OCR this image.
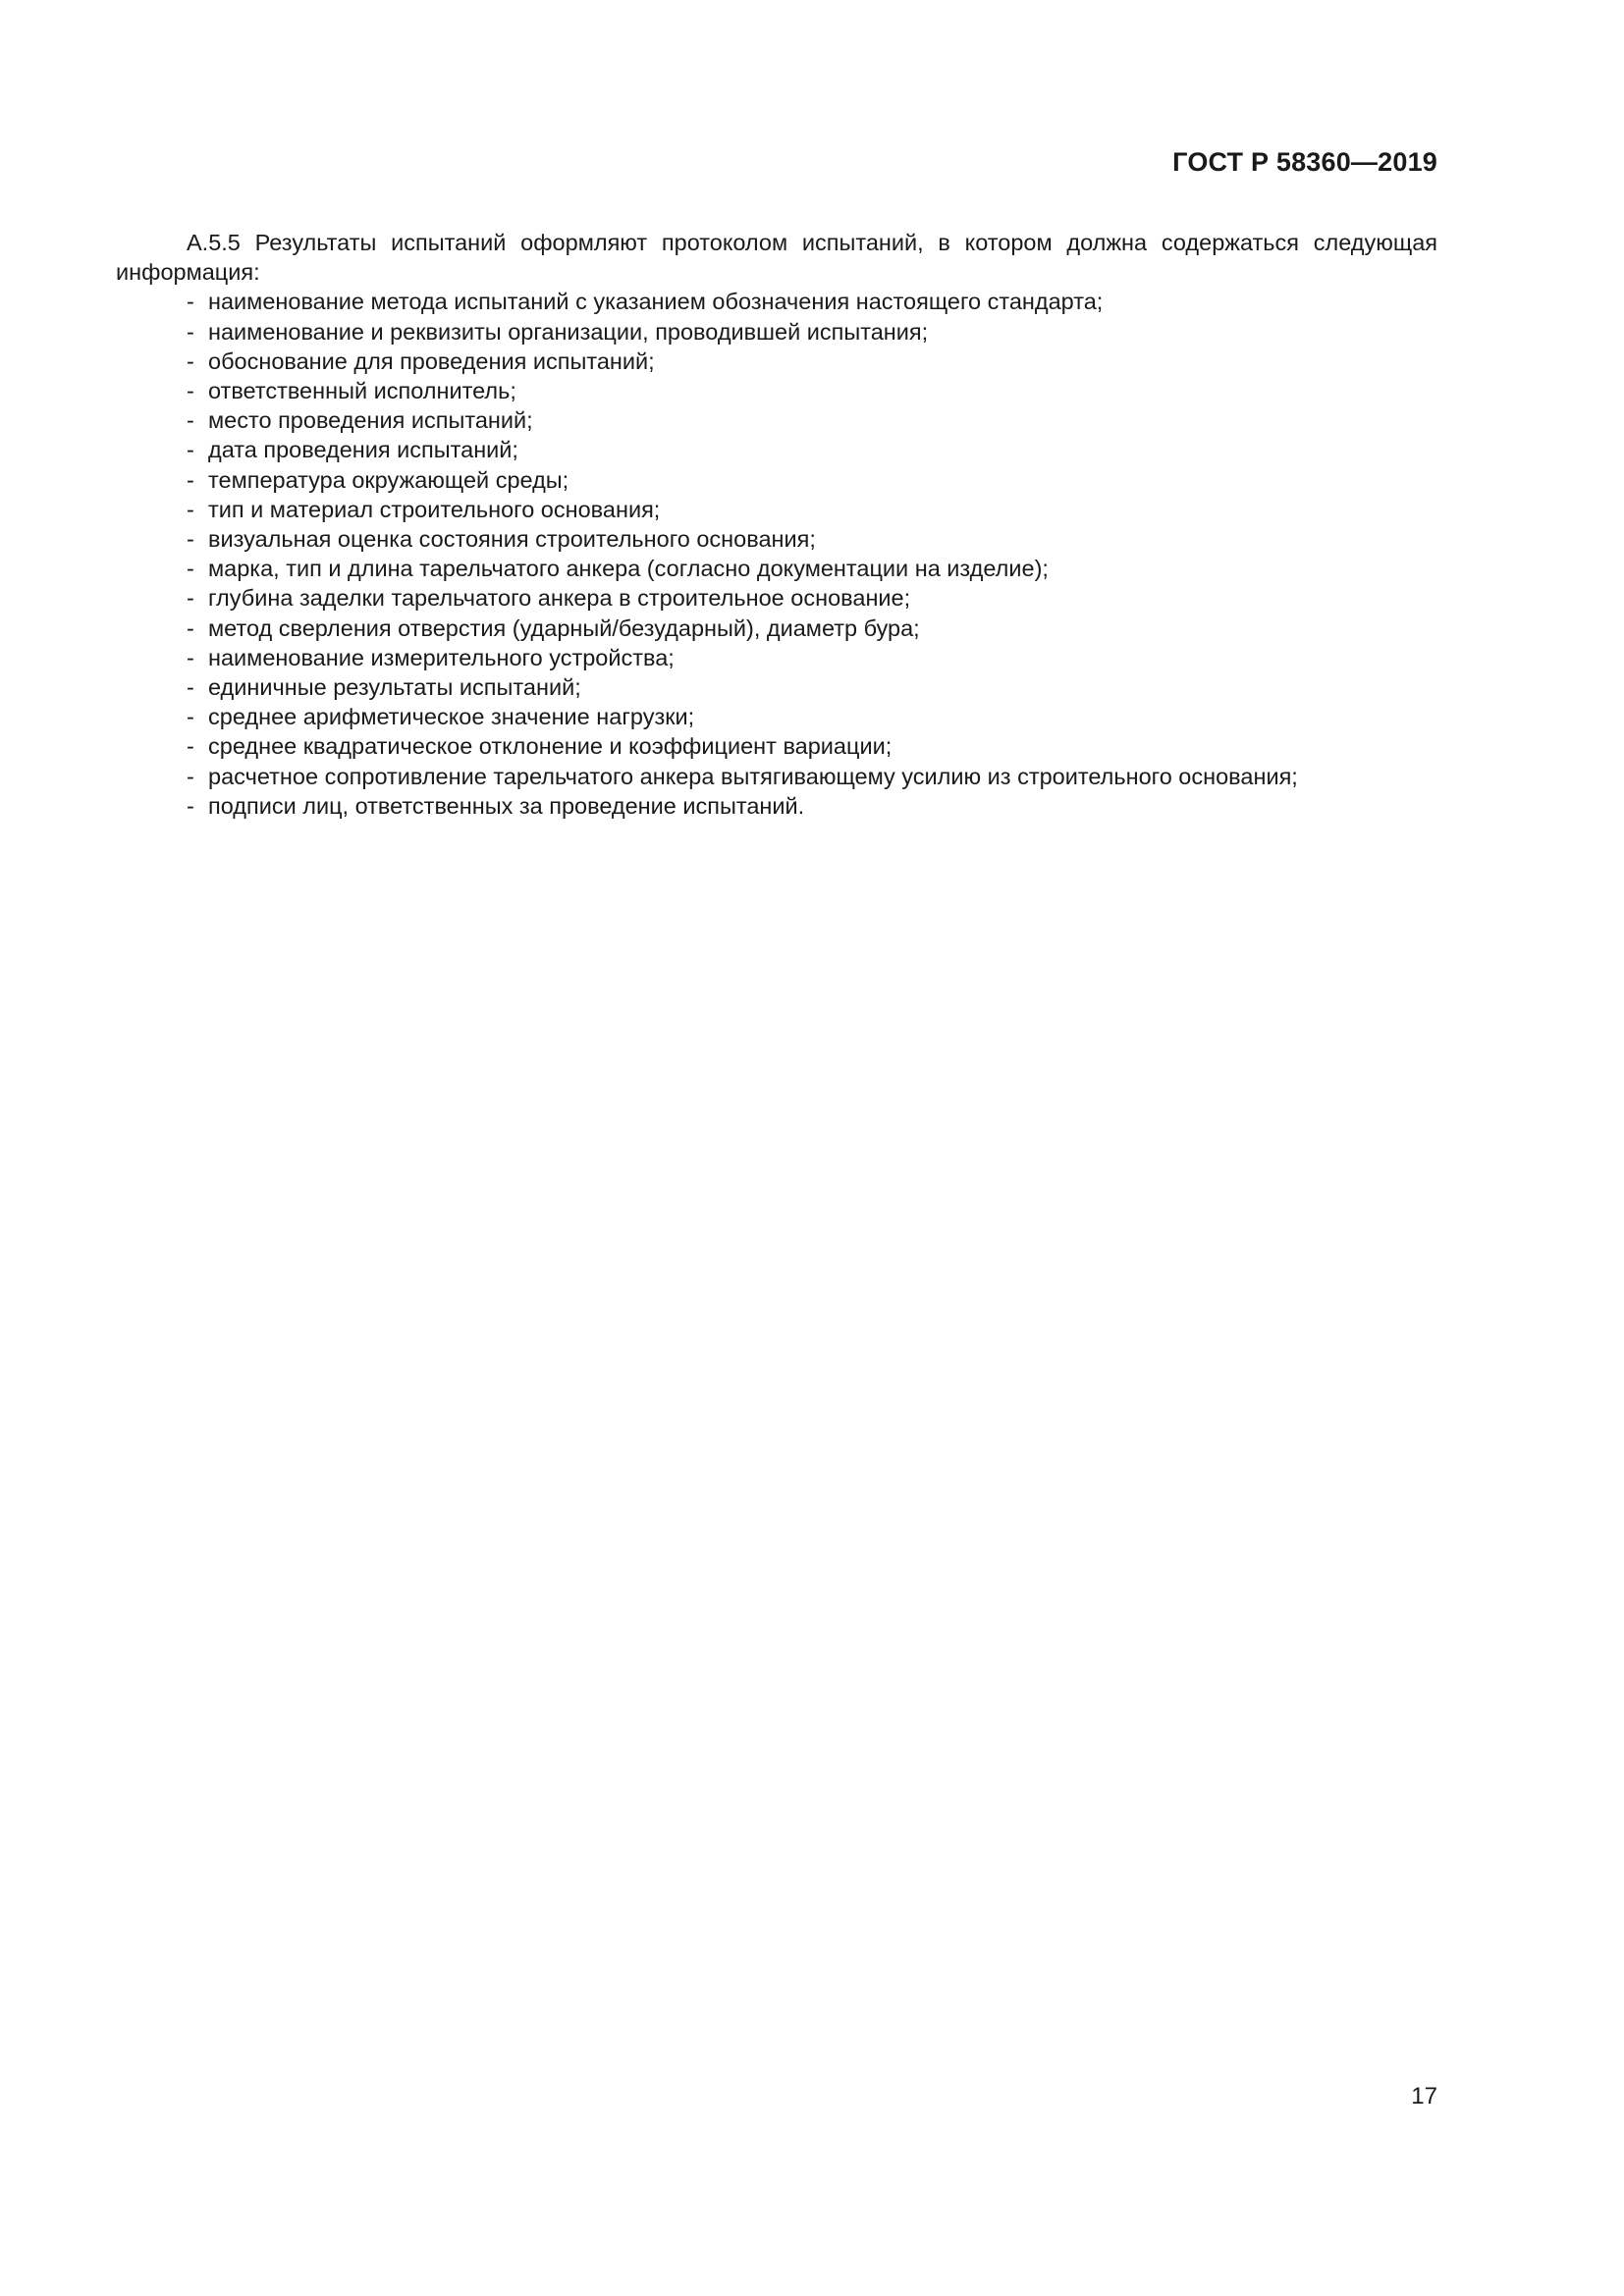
ГОСТ Р 58360—2019

А.5.5 Результаты испытаний оформляют протоколом испытаний, в котором должна содержаться следующая информация:

- наименование метода испытаний с указанием обозначения настоящего стандарта;
- наименование и реквизиты организации, проводившей испытания;
- обоснование для проведения испытаний;
- ответственный исполнитель;
- место проведения испытаний;
- дата проведения испытаний;
- температура окружающей среды;
- тип и материал строительного основания;
- визуальная оценка состояния строительного основания;
- марка, тип и длина тарельчатого анкера (согласно документации на изделие);
- глубина заделки тарельчатого анкера в строительное основание;
- метод сверления отверстия (ударный/безударный), диаметр бура;
- наименование измерительного устройства;
- единичные результаты испытаний;
- среднее арифметическое значение нагрузки;
- среднее квадратическое отклонение и коэффициент вариации;
- расчетное сопротивление тарельчатого анкера вытягивающему усилию из строительного основания;
- подписи лиц, ответственных за проведение испытаний.
17
